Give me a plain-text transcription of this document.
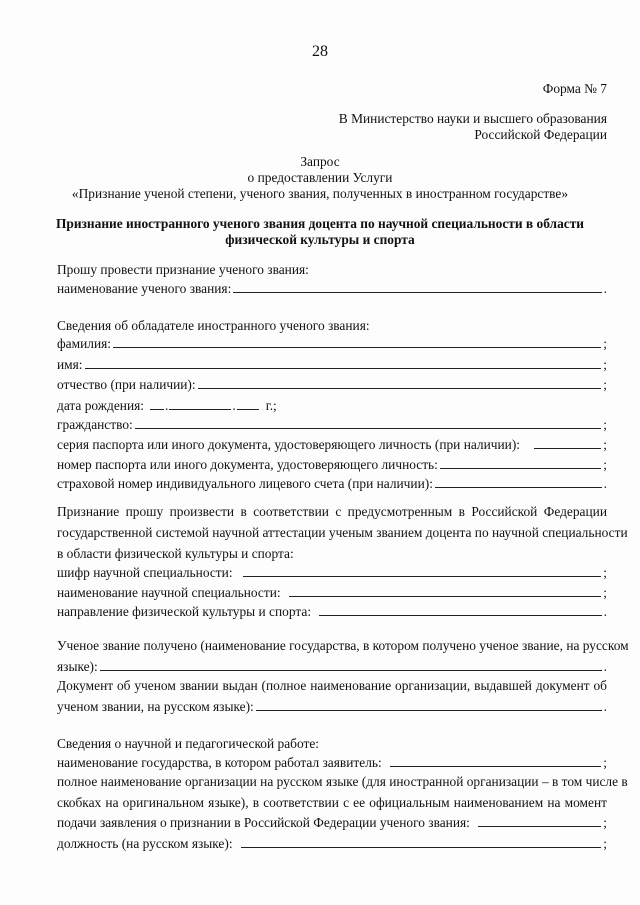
28
Форма № 7
В Министерство науки и высшего образования
Российской Федерации
Запрос
о предоставлении Услуги
«Признание ученой степени, ученого звания, полученных в иностранном государстве»
Признание иностранного ученого звания доцента по научной специальности в области
физической культуры и спорта
Прошу провести признание ученого звания:
наименование ученого звания:	.
Сведения об обладателе иностранного ученого звания:
фамилия:	;
имя:	;
отчество (при наличии):	;
дата рождения: .	. г.;
гражданство:	;
серия паспорта или иного документа, удостоверяющего личность (при наличии):	;
номер паспорта или иного документа, удостоверяющего личность:	;
страховой номер индивидуального лицевого счета (при наличии):	.
Признание прошу произвести в соответствии с предусмотренным в Российской Федерации
государственной системой научной аттестации ученым званием доцента по научной специальности
в области физической культуры и спорта:
шифр научной специальности:	;
наименование научной специальности:	;
направление физической культуры и спорта:	.
Ученое звание получено (наименование государства, в котором получено ученое звание, на русском
языке):	.
Документ об ученом звании выдан (полное наименование организации, выдавшей документ об
ученом звании, на русском языке):	.
Сведения о научной и педагогической работе:
наименование государства, в котором работал заявитель:	;
полное наименование организации на русском языке (для иностранной организации – в том числе в
скобках на оригинальном языке), в соответствии с ее официальным наименованием на момент
подачи заявления о признании в Российской Федерации ученого звания:	;
должность (на русском языке):	;
